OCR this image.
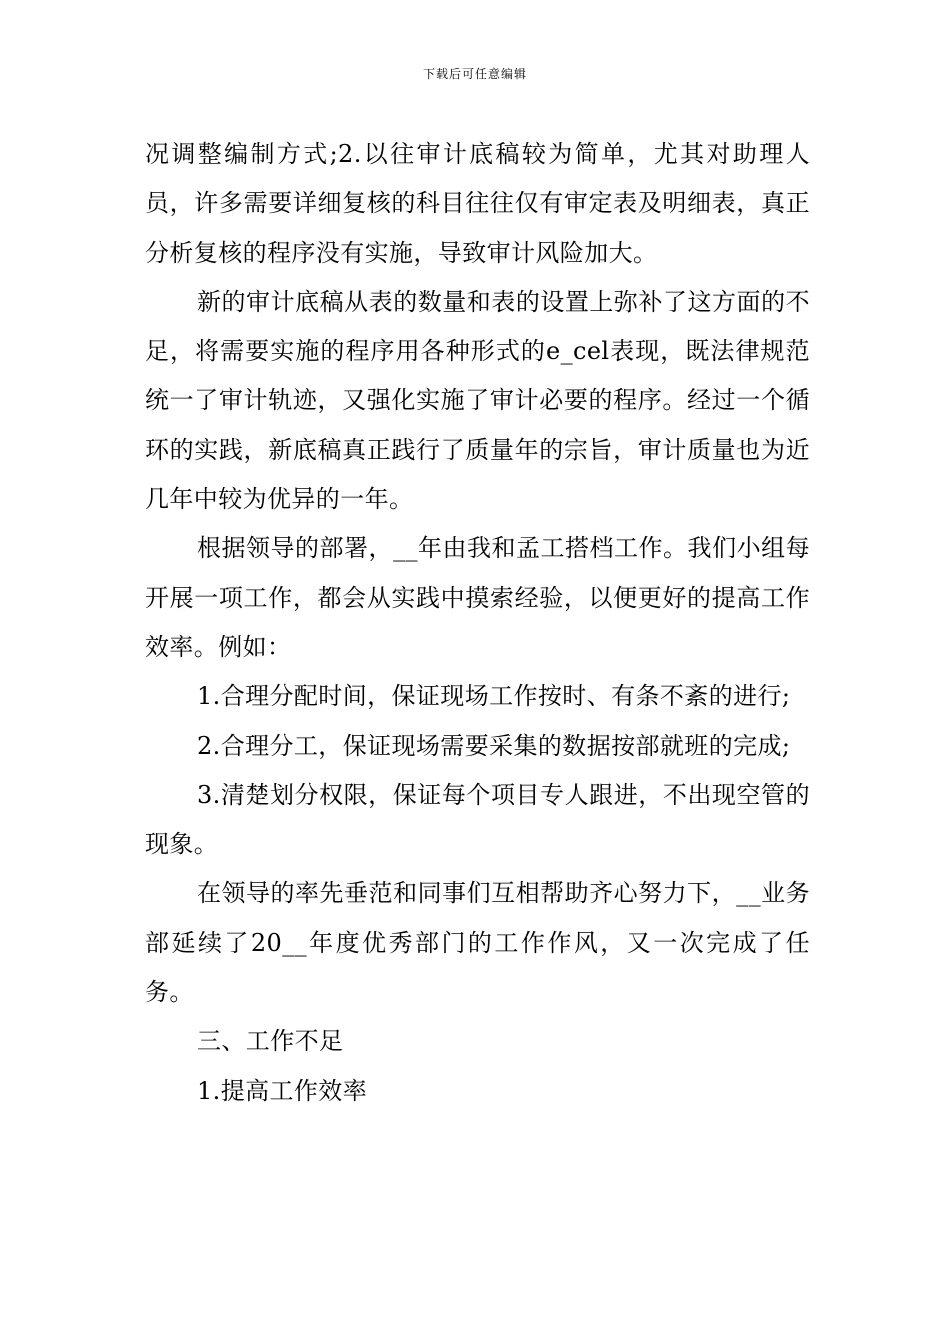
下载后可任意编辑

况调整编制方式;2.以往审计底稿较为简单，尤其对助理人员，许多需要详细复核的科目往往仅有审定表及明细表，真正分析复核的程序没有实施，导致审计风险加大。

新的审计底稿从表的数量和表的设置上弥补了这方面的不足，将需要实施的程序用各种形式的e_cel表现，既法律规范统一了审计轨迹，又强化实施了审计必要的程序。经过一个循环的实践，新底稿真正践行了质量年的宗旨，审计质量也为近几年中较为优异的一年。

根据领导的部署，__年由我和孟工搭档工作。我们小组每开展一项工作，都会从实践中摸索经验，以便更好的提高工作效率。例如：

1.合理分配时间，保证现场工作按时、有条不紊的进行;

2.合理分工，保证现场需要采集的数据按部就班的完成;

3.清楚划分权限，保证每个项目专人跟进，不出现空管的现象。

在领导的率先垂范和同事们互相帮助齐心努力下，__业务部延续了20__年度优秀部门的工作作风，又一次完成了任务。

三、工作不足

1.提高工作效率
